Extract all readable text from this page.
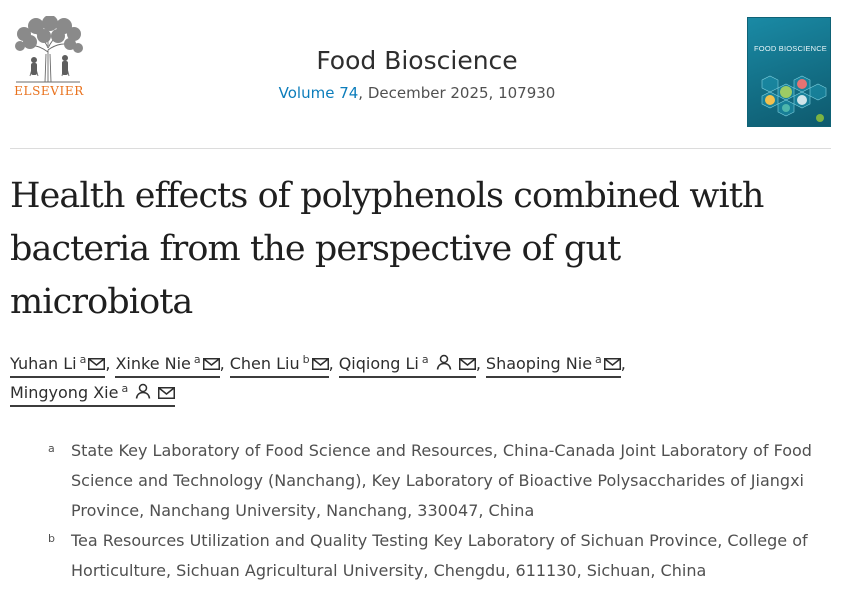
ELSEVIER
Food Bioscience
Volume 74, December 2025, 107930
FOOD BIOSCIENCE
Health effects of polyphenols combined with bacteria from the perspective of gut microbiota
Yuhan Li $^a$ , Xinke Nie $^a$ , Chen Liu $^b$ , Qiqiong Li $^a$	, Shaoping Nie $^a$ ,
Mingyong Xie $^a$
a State Key Laboratory of Food Science and Resources, China-Canada Joint Laboratory of Food Science and Technology (Nanchang), Key Laboratory of Bioactive Polysaccharides of Jiangxi Province, Nanchang University, Nanchang, 330047, China
b Tea Resources Utilization and Quality Testing Key Laboratory of Sichuan Province, College of Horticulture, Sichuan Agricultural University, Chengdu, 611130, Sichuan, China
